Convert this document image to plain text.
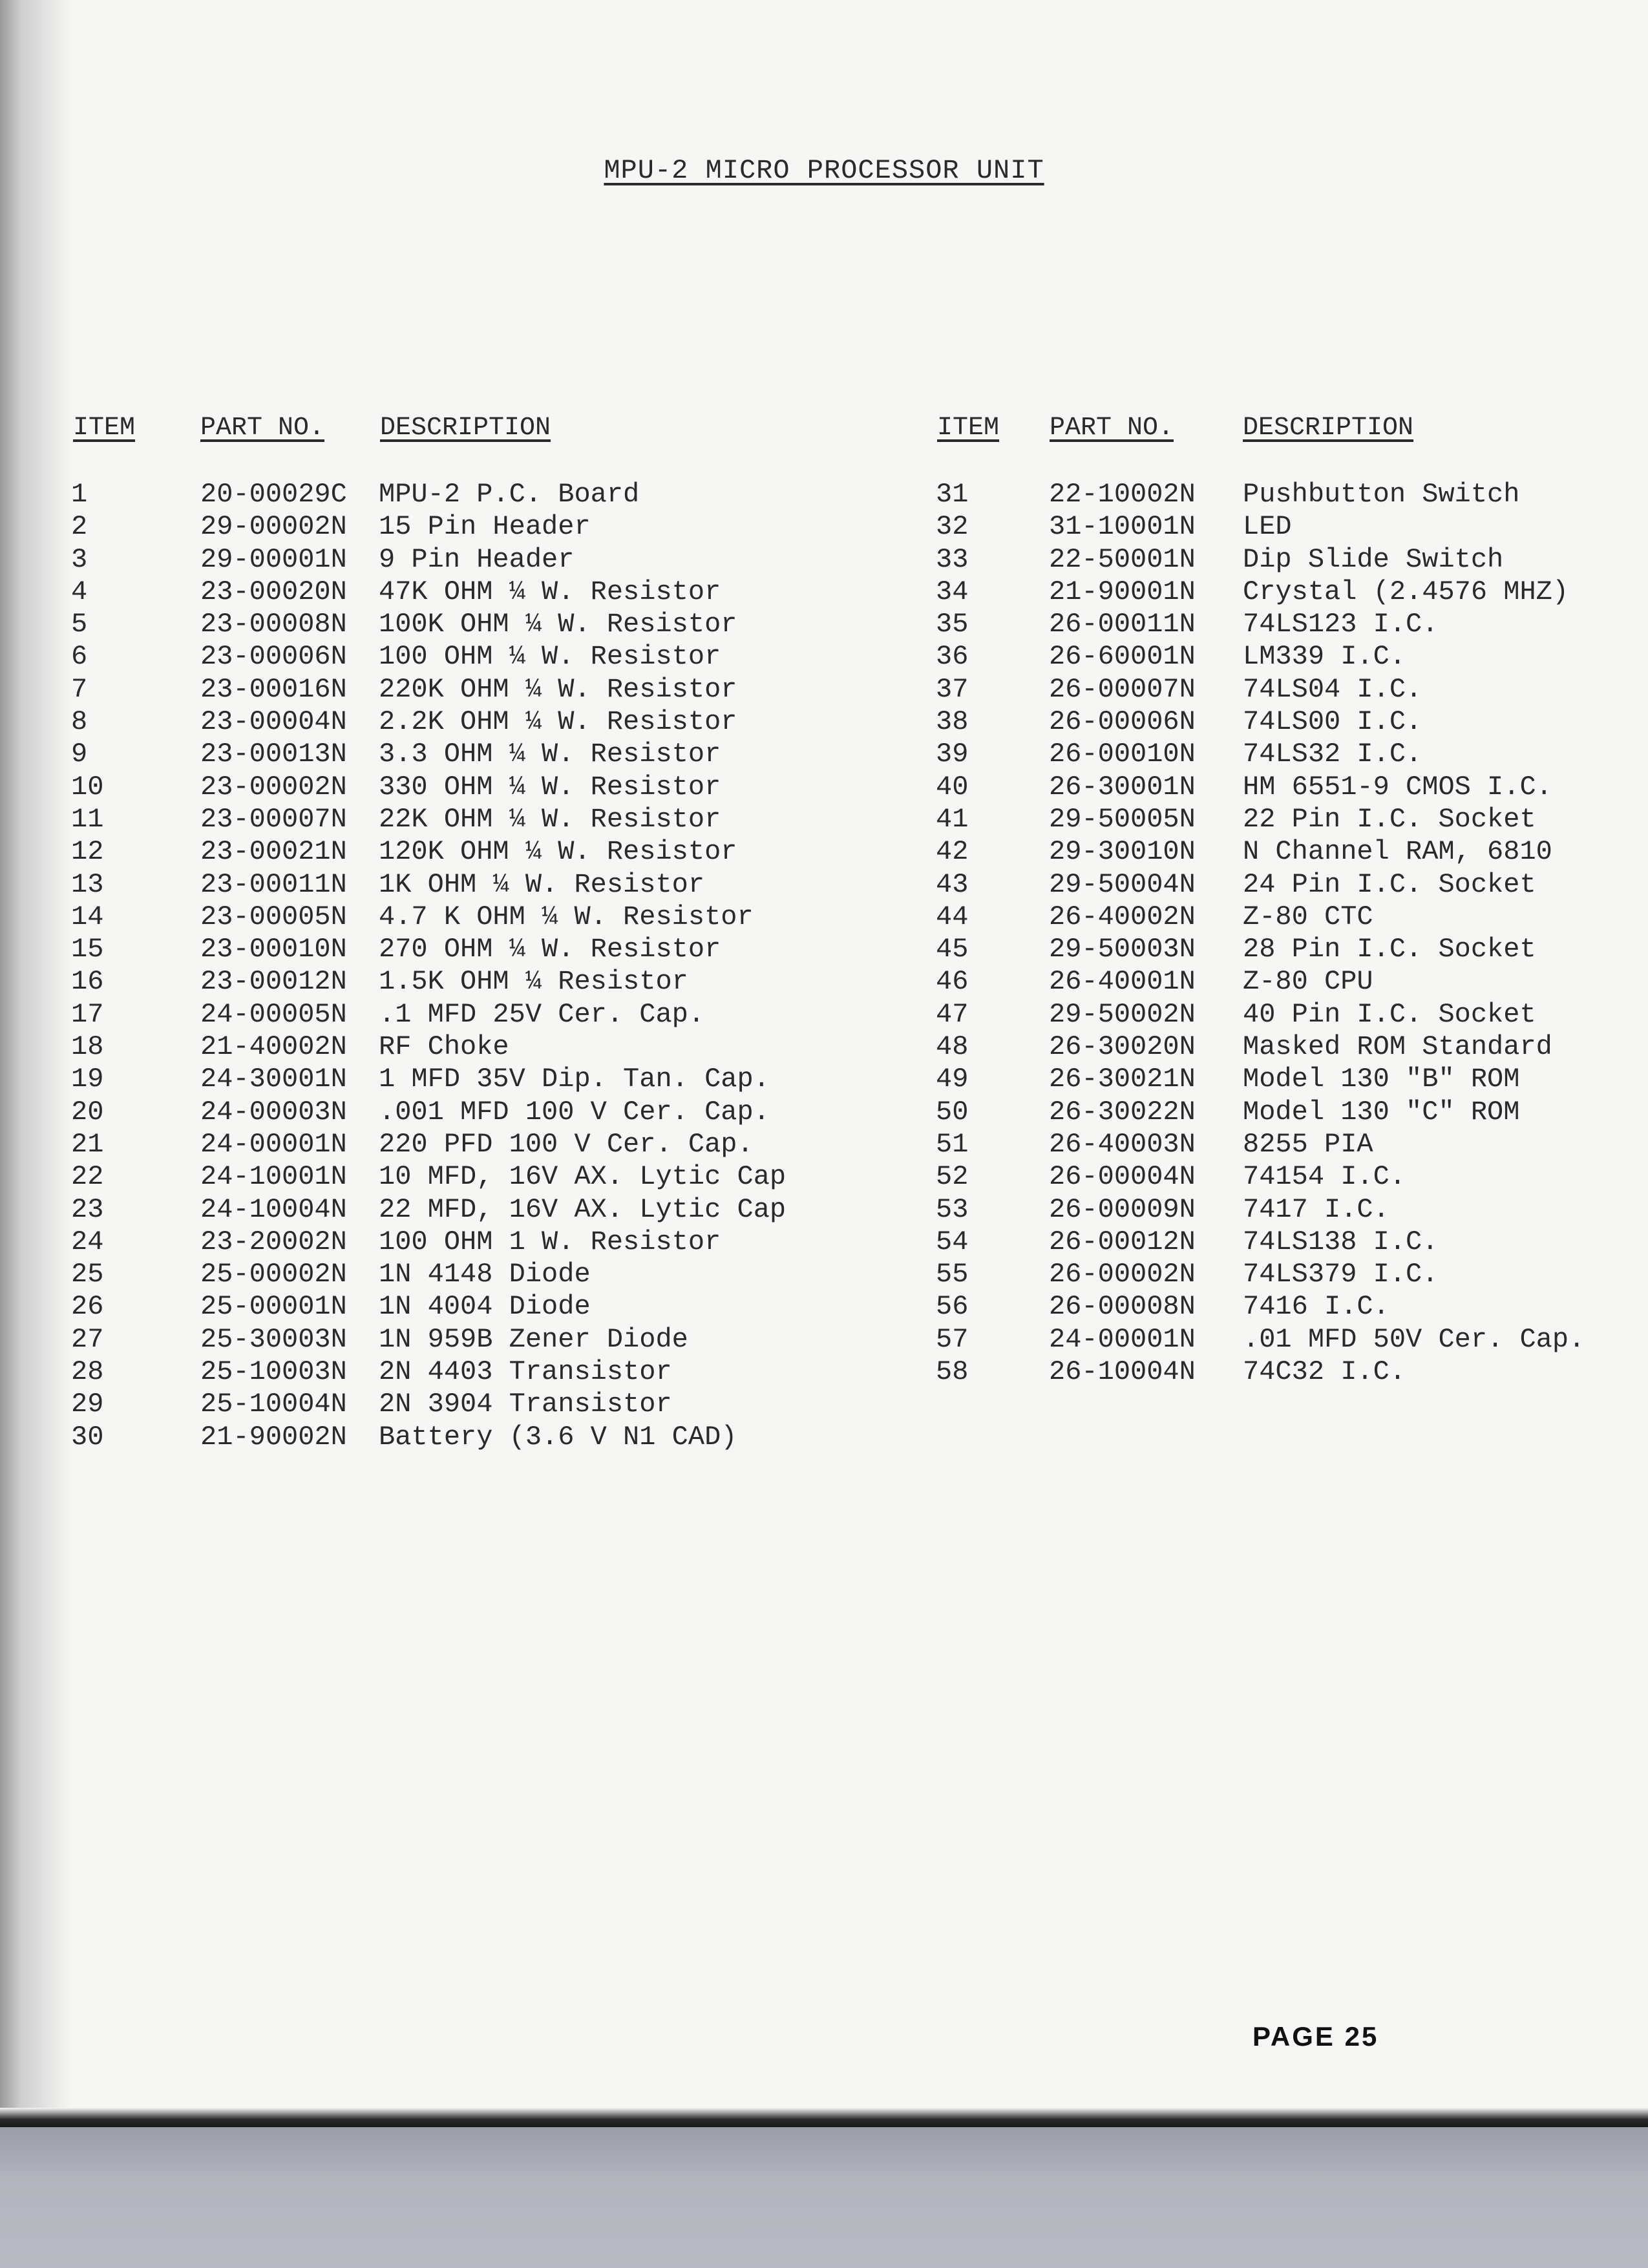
MPU-2 MICRO PROCESSOR UNIT
ITEM	PART NO. DESCRIPTION	ITEM PART NO.	DESCRIPTION
1	20-00029C	MPU-2 P.C. Board
2	29-00002N	15 Pin Header
3	29-00001N	9 Pin Header
4	23-00020N	47K OHM ¼ W. Resistor
5	23-00008N	100K OHM ¼ W. Resistor
6	23-00006N	100 OHM ¼ W. Resistor
7	23-00016N	220K OHM ¼ W. Resistor
8	23-00004N	2.2K OHM ¼ W. Resistor
9	23-00013N	3.3 OHM ¼ W. Resistor
10	23-00002N	330 OHM ¼ W. Resistor
11	23-00007N	22K OHM ¼ W. Resistor
12	23-00021N	120K OHM ¼ W. Resistor
13	23-00011N	1K OHM ¼ W. Resistor
14	23-00005N	4.7 K OHM ¼ W. Resistor
15	23-00010N	270 OHM ¼ W. Resistor
16	23-00012N	1.5K OHM ¼ Resistor
17	24-00005N	.1 MFD 25V Cer. Cap.
18	21-40002N	RF Choke
19	24-30001N	1 MFD 35V Dip. Tan. Cap.
20	24-00003N	.001 MFD 100 V Cer. Cap.
21	24-00001N	220 PFD 100 V Cer. Cap.
22	24-10001N	10 MFD, 16V AX. Lytic Cap
23	24-10004N	22 MFD, 16V AX. Lytic Cap
24	23-20002N	100 OHM 1 W. Resistor
25	25-00002N	1N 4148 Diode
26	25-00001N	1N 4004 Diode
27	25-30003N	1N 959B Zener Diode
28	25-10003N	2N 4403 Transistor
29	25-10004N	2N 3904 Transistor
30	21-90002N	Battery (3.6 V N1 CAD)
31	22-10002N	Pushbutton Switch
32	31-10001N	LED
33	22-50001N	Dip Slide Switch
34	21-90001N	Crystal (2.4576 MHZ)
35	26-00011N	74LS123 I.C.
36	26-60001N	LM339 I.C.
37	26-00007N	74LS04 I.C.
38	26-00006N	74LS00 I.C.
39	26-00010N	74LS32 I.C.
40	26-30001N	HM 6551-9 CMOS I.C.
41	29-50005N	22 Pin I.C. Socket
42	29-30010N	N Channel RAM, 6810
43	29-50004N	24 Pin I.C. Socket
44	26-40002N	Z-80 CTC
45	29-50003N	28 Pin I.C. Socket
46	26-40001N	Z-80 CPU
47	29-50002N	40 Pin I.C. Socket
48	26-30020N	Masked ROM Standard
49	26-30021N	Model 130 "B" ROM
50	26-30022N	Model 130 "C" ROM
51	26-40003N	8255 PIA
52	26-00004N	74154 I.C.
53	26-00009N	7417 I.C.
54	26-00012N	74LS138 I.C.
55	26-00002N	74LS379 I.C.
56	26-00008N	7416 I.C.
57	24-00001N	.01 MFD 50V Cer. Cap.
58	26-10004N	74C32 I.C.
PAGE 25
